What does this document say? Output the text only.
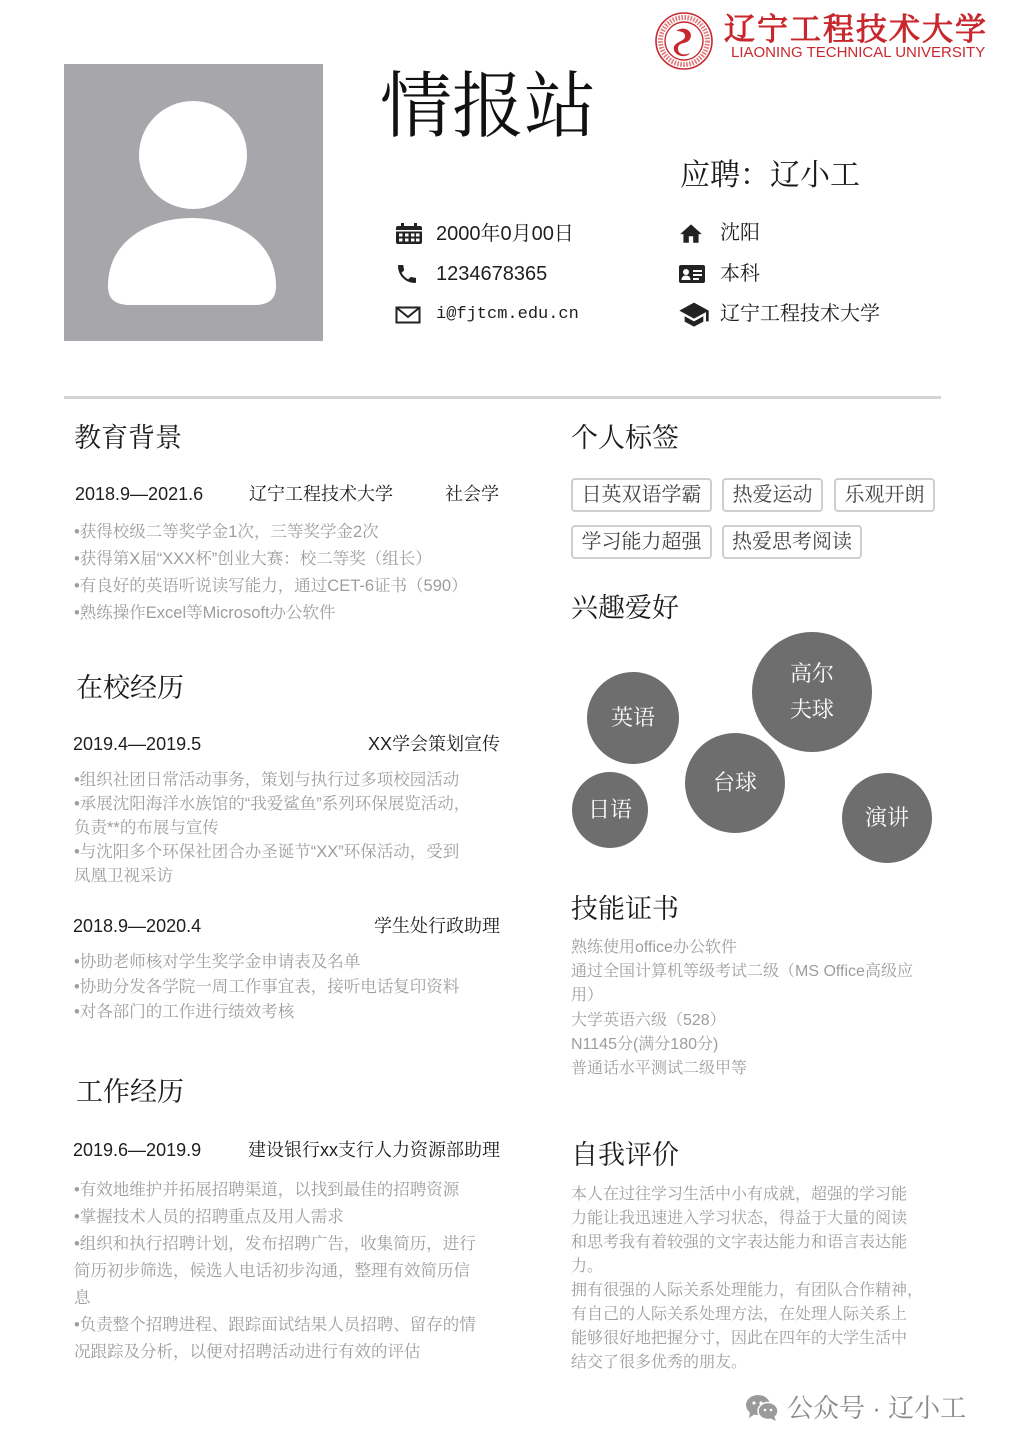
辽宁工程技术大学
LIAONING TECHNICAL UNIVERSITY
情报站
应聘：辽小工
2000年0月00日
1234678365
i@fjtcm.edu.cn
沈阳
本科
辽宁工程技术大学
教育背景
2018.9—2021.6	辽宁工程技术大学	社会学
•获得校级二等奖学金1次，三等奖学金2次
•获得第X届“XXX杯”创业大赛：校二等奖（组长）
•有良好的英语听说读写能力，通过CET-6证书（590）
•熟练操作Excel等Microsoft办公软件
在校经历
2019.4—2019.5	XX学会策划宣传
•组织社团日常活动事务，策划与执行过多项校园活动
•承展沈阳海洋水族馆的“我爱鲨鱼”系列环保展览活动，
负责**的布展与宣传
•与沈阳多个环保社团合办圣诞节“XX”环保活动，受到
凤凰卫视采访
2018.9—2020.4	学生处行政助理
•协助老师核对学生奖学金申请表及名单
•协助分发各学院一周工作事宜表，接听电话复印资料
•对各部门的工作进行绩效考核
工作经历
2019.6—2019.9	建设银行xx支行人力资源部助理
•有效地维护并拓展招聘渠道，以找到最佳的招聘资源
•掌握技术人员的招聘重点及用人需求
•组织和执行招聘计划，发布招聘广告，收集简历，进行
简历初步筛选，候选人电话初步沟通，整理有效简历信
息
•负责整个招聘进程、跟踪面试结果人员招聘、留存的情
况跟踪及分析，以便对招聘活动进行有效的评估
个人标签
日英双语学霸	热爱运动	乐观开朗
学习能力超强	热爱思考阅读
兴趣爱好
英语
高尔
夫球
台球
日语	演讲
技能证书
熟练使用office办公软件
通过全国计算机等级考试二级（MS Office高级应
用）
大学英语六级（528）
N1145分(满分180分)
普通话水平测试二级甲等
自我评价
本人在过往学习生活中小有成就，超强的学习能
力能让我迅速进入学习状态，得益于大量的阅读
和思考我有着较强的文字表达能力和语言表达能
力。
拥有很强的人际关系处理能力，有团队合作精神，
有自己的人际关系处理方法，在处理人际关系上
能够很好地把握分寸，因此在四年的大学生活中
结交了很多优秀的朋友。
公众号 · 辽小工
